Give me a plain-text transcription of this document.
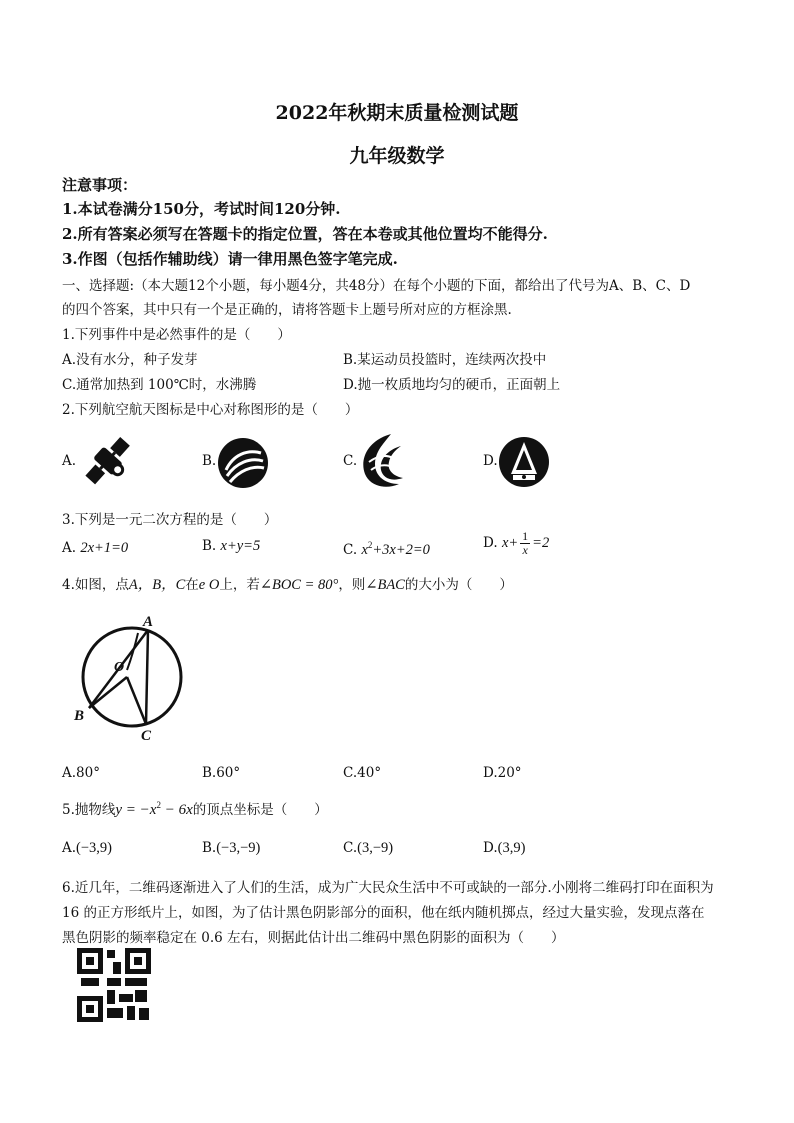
2022年秋期末质量检测试题
九年级数学
注意事项：
1.本试卷满分150分，考试时间120分钟.
2.所有答案必须写在答题卡的指定位置，答在本卷或其他位置均不能得分.
3.作图（包括作辅助线）请一律用黑色签字笔完成.
一、选择题:（本大题12个小题，每小题4分，共48分）在每个小题的下面，都给出了代号为A、B、C、D
的四个答案，其中只有一个是正确的，请将答题卡上题号所对应的方框涂黑.
1.下列事件中是必然事件的是（　　）
A.没有水分，种子发芽	B.某运动员投篮时，连续两次投中
C.通常加热到 100℃时，水沸腾	D.抛一枚质地均匀的硬币，正面朝上
2.下列航空航天图标是中心对称图形的是（　　）
A.	B.	C.	D.
3.下列是一元二次方程的是（　　）
A. 2x+1=0	B. x+y=5	C. $x^2+3x+2=0$	D. $x+ \frac{1}{x} =2$
4.如图，点A，B，C在e O上，若∠BOC = 80°，则∠BAC的大小为（　　）
A
O
B
C
A.80°	B.60°	C.40°	D.20°
5.抛物线$y = -x^2 - 6x$的顶点坐标是（　　）
A.(−3,9)	B.(−3,−9)	C.(3,−9)	D.(3,9)
6.近几年，二维码逐渐进入了人们的生活，成为广大民众生活中不可或缺的一部分.小刚将二维码打印在面积为
16 的正方形纸片上，如图，为了估计黑色阴影部分的面积，他在纸内随机掷点，经过大量实验，发现点落在
黑色阴影的频率稳定在 0.6 左右，则据此估计出二维码中黑色阴影的面积为（　　）
